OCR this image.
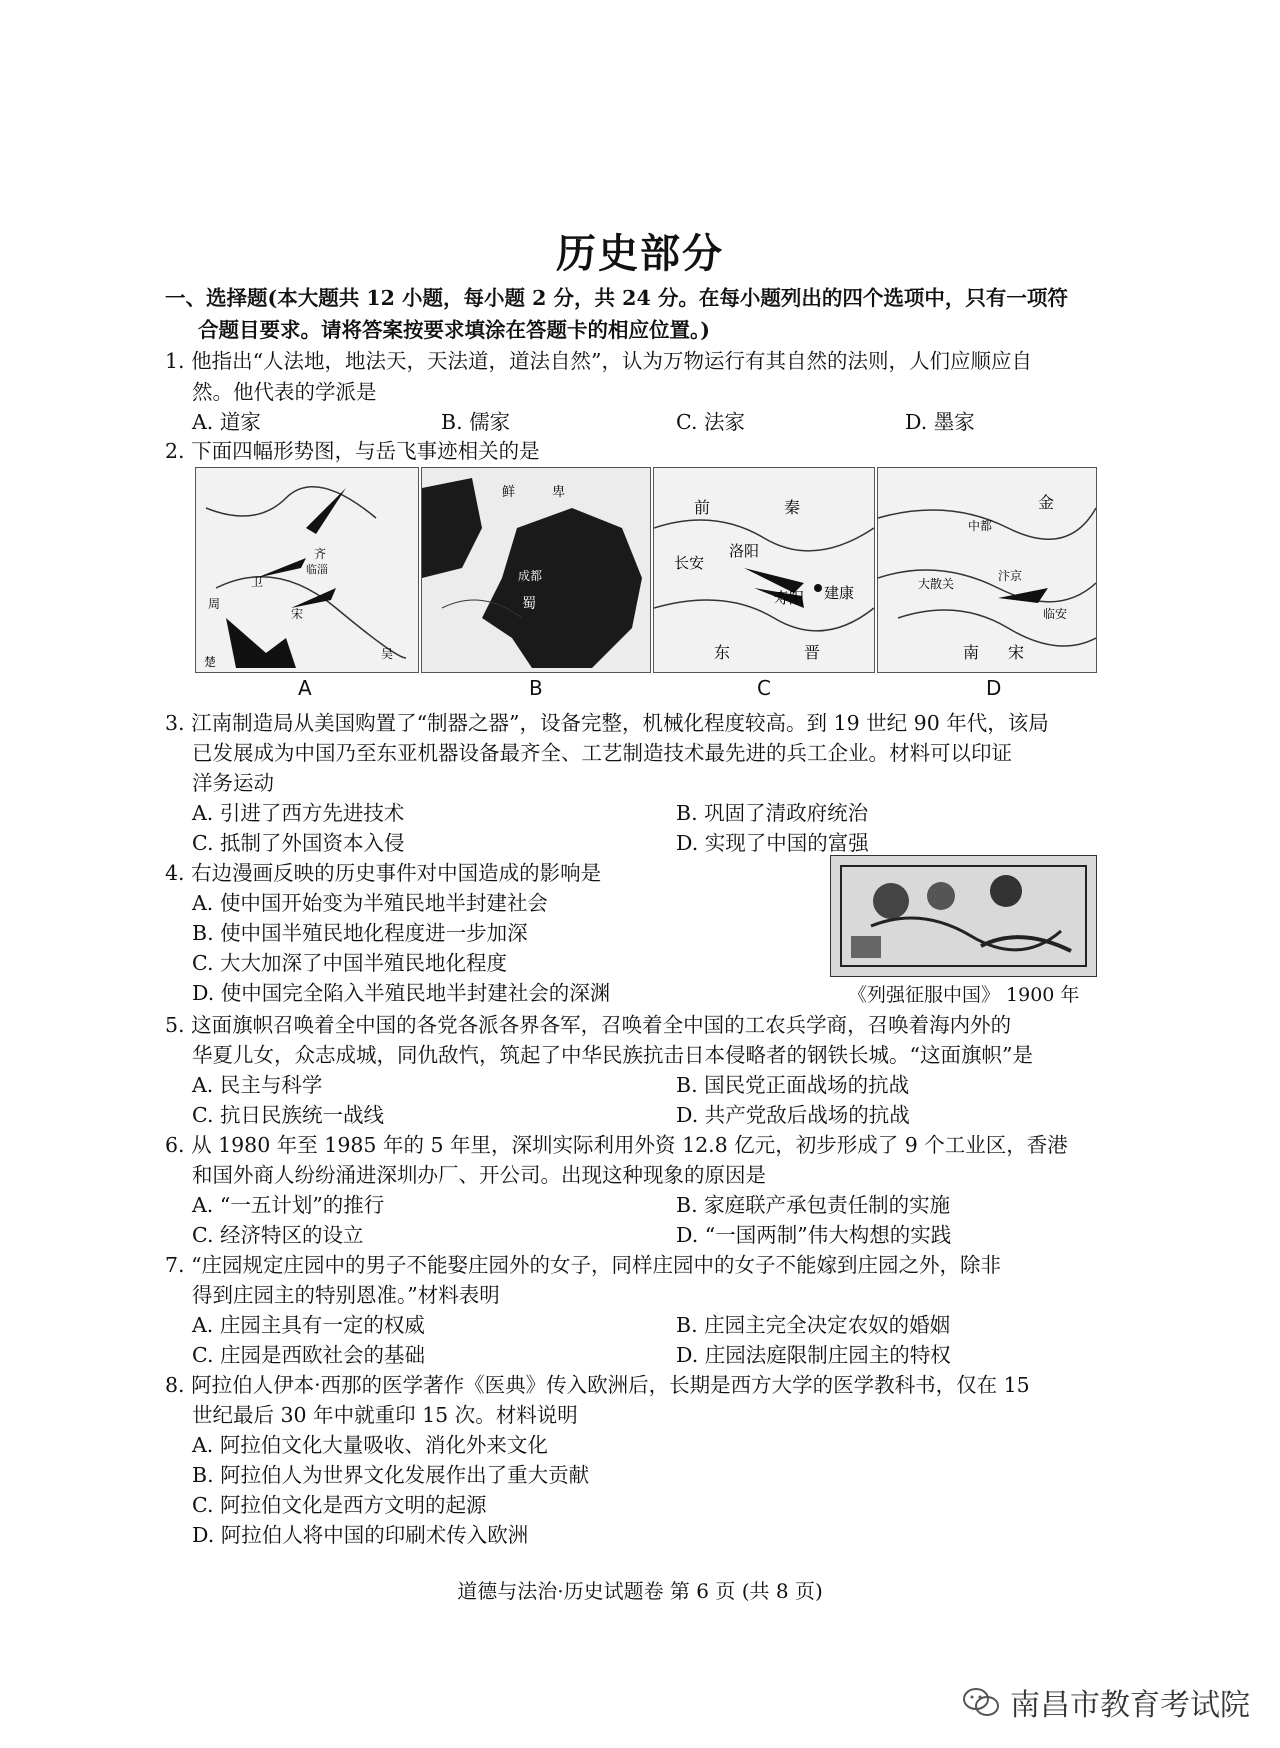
历史部分
一、选择题(本大题共 12 小题，每小题 2 分，共 24 分。在每小题列出的四个选项中，只有一项符
合题目要求。请将答案按要求填涂在答题卡的相应位置。)
1. 他指出“人法地，地法天，天法道，道法自然”，认为万物运行有其自然的法则，人们应顺应自
然。他代表的学派是
A. 道家	B. 儒家	C. 法家	D. 墨家
2. 下面四幅形势图，与岳飞事迹相关的是
齐
卫
临淄
周
宋
楚
吴
鲜	卑
成都
蜀
前	秦
长安
洛阳
寿阳 建康
东	晋
金
中都
汴京
临安
南 宋
大散关
A	B	C	D
3. 江南制造局从美国购置了“制器之器”，设备完整，机械化程度较高。到 19 世纪 90 年代，该局
已发展成为中国乃至东亚机器设备最齐全、工艺制造技术最先进的兵工企业。材料可以印证
洋务运动
A. 引进了西方先进技术	B. 巩固了清政府统治
C. 抵制了外国资本入侵	D. 实现了中国的富强
4. 右边漫画反映的历史事件对中国造成的影响是
A. 使中国开始变为半殖民地半封建社会
B. 使中国半殖民地化程度进一步加深
C. 大大加深了中国半殖民地化程度
D. 使中国完全陷入半殖民地半封建社会的深渊	《列强征服中国》 1900 年
5. 这面旗帜召唤着全中国的各党各派各界各军，召唤着全中国的工农兵学商，召唤着海内外的
华夏儿女，众志成城，同仇敌忾，筑起了中华民族抗击日本侵略者的钢铁长城。“这面旗帜”是
A. 民主与科学	B. 国民党正面战场的抗战
C. 抗日民族统一战线	D. 共产党敌后战场的抗战
6. 从 1980 年至 1985 年的 5 年里，深圳实际利用外资 12.8 亿元，初步形成了 9 个工业区，香港
和国外商人纷纷涌进深圳办厂、开公司。出现这种现象的原因是
A. “一五计划”的推行	B. 家庭联产承包责任制的实施
C. 经济特区的设立	D. “一国两制”伟大构想的实践
7. “庄园规定庄园中的男子不能娶庄园外的女子，同样庄园中的女子不能嫁到庄园之外，除非
得到庄园主的特别恩准。”材料表明
A. 庄园主具有一定的权威	B. 庄园主完全决定农奴的婚姻
C. 庄园是西欧社会的基础	D. 庄园法庭限制庄园主的特权
8. 阿拉伯人伊本·西那的医学著作《医典》传入欧洲后，长期是西方大学的医学教科书，仅在 15
世纪最后 30 年中就重印 15 次。材料说明
A. 阿拉伯文化大量吸收、消化外来文化
B. 阿拉伯人为世界文化发展作出了重大贡献
C. 阿拉伯文化是西方文明的起源
D. 阿拉伯人将中国的印刷术传入欧洲
道德与法治·历史试题卷 第 6 页 (共 8 页)
南昌市教育考试院
